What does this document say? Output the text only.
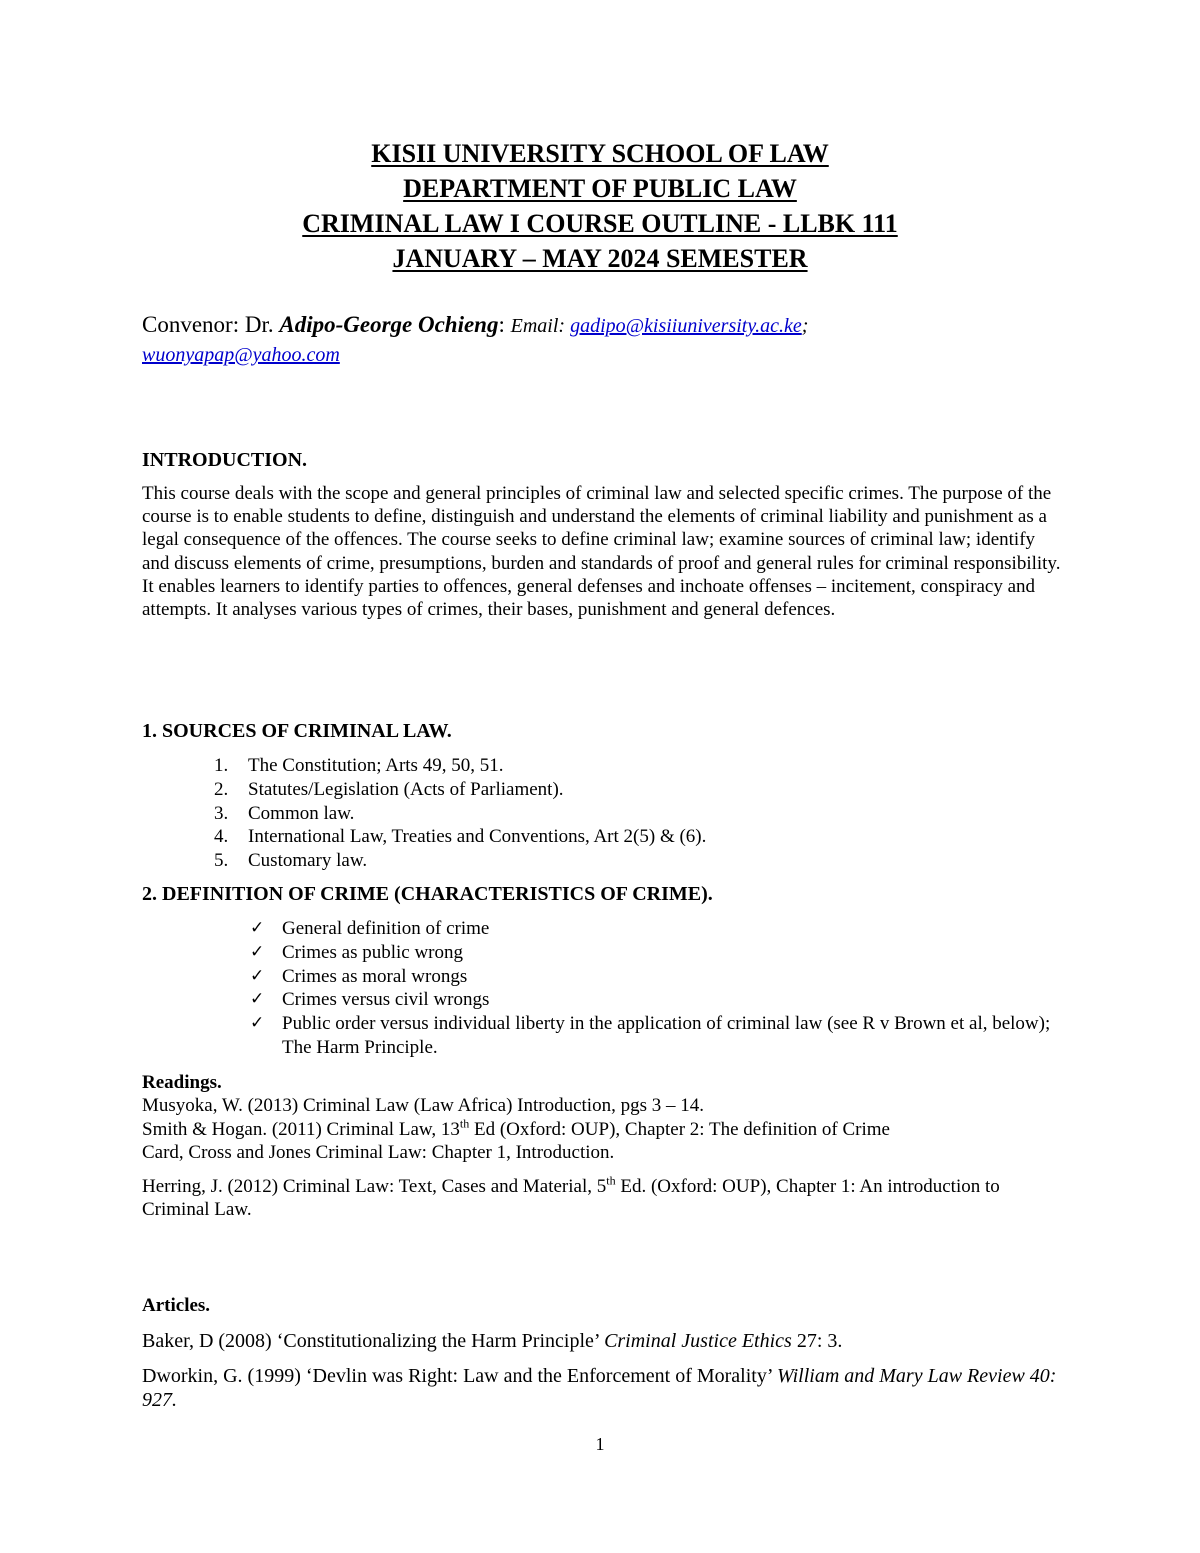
KISII UNIVERSITY SCHOOL OF LAW
DEPARTMENT OF PUBLIC LAW
CRIMINAL LAW I COURSE OUTLINE - LLBK 111
JANUARY – MAY 2024 SEMESTER
Convenor: Dr. Adipo-George Ochieng: Email: gadipo@kisiiuniversity.ac.ke;
wuonyapap@yahoo.com
INTRODUCTION.
This course deals with the scope and general principles of criminal law and selected specific crimes. The purpose of the course is to enable students to define, distinguish and understand the elements of criminal liability and punishment as a legal consequence of the offences. The course seeks to define criminal law; examine sources of criminal law; identify and discuss elements of crime, presumptions, burden and standards of proof and general rules for criminal responsibility. It enables learners to identify parties to offences, general defenses and inchoate offenses – incitement, conspiracy and attempts. It analyses various types of crimes, their bases, punishment and general defences.
1. SOURCES OF CRIMINAL LAW.
1. The Constitution; Arts 49, 50, 51.
2. Statutes/Legislation (Acts of Parliament).
3. Common law.
4. International Law, Treaties and Conventions, Art 2(5) & (6).
5. Customary law.
2. DEFINITION OF CRIME (CHARACTERISTICS OF CRIME).
✓ General definition of crime
✓ Crimes as public wrong
✓ Crimes as moral wrongs
✓ Crimes versus civil wrongs
✓ Public order versus individual liberty in the application of criminal law (see R v Brown et al, below); The Harm Principle.
Readings.

Musyoka, W. (2013) Criminal Law (Law Africa) Introduction, pgs 3 – 14.

Smith & Hogan. (2011) Criminal Law, 13th Ed (Oxford: OUP), Chapter 2: The definition of Crime

Card, Cross and Jones Criminal Law: Chapter 1, Introduction.

Herring, J. (2012) Criminal Law: Text, Cases and Material, 5th Ed. (Oxford: OUP), Chapter 1: An introduction to Criminal Law.

Articles.
Baker, D (2008) ‘Constitutionalizing the Harm Principle’ Criminal Justice Ethics 27: 3.
Dworkin, G. (1999) ‘Devlin was Right: Law and the Enforcement of Morality’ William and Mary Law Review 40: 927.
1
